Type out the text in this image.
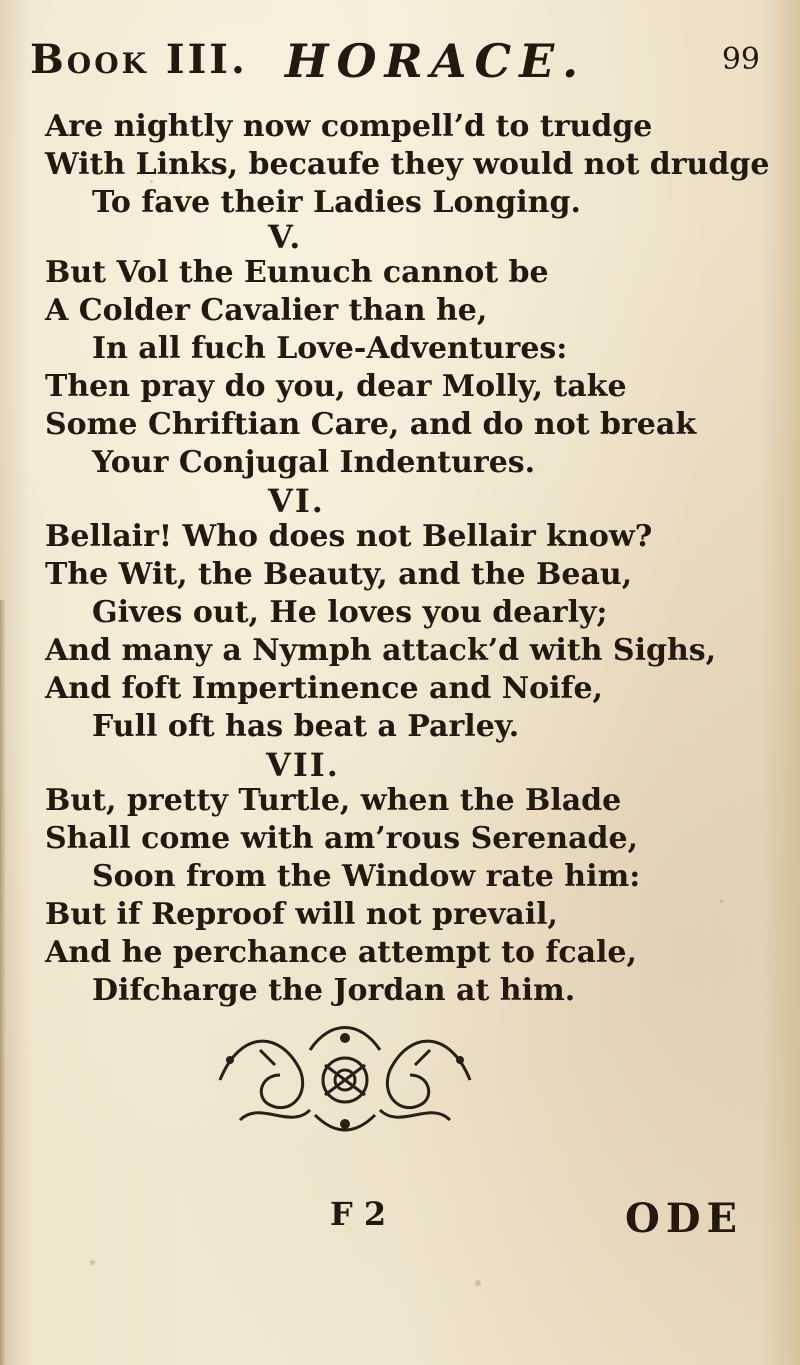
Book III. HORACE.	99
Are nightly now compell’d to trudge
With Links, becaufe they would not drudge
To fave their Ladies Longing.
V.
But Vol the Eunuch cannot be
A Colder Cavalier than he,
In all fuch Love-Adventures:
Then pray do you, dear Molly, take
Some Chriftian Care, and do not break
Your Conjugal Indentures.
VI.
Bellair! Who does not Bellair know?
The Wit, the Beauty, and the Beau,
Gives out, He loves you dearly;
And many a Nymph attack’d with Sighs,
And foft Impertinence and Noife,
Full oft has beat a Parley.
VII.
But, pretty Turtle, when the Blade
Shall come with am’rous Serenade,
Soon from the Window rate him:
But if Reproof will not prevail,
And he perchance attempt to fcale,
Difcharge the Jordan at him.
F 2	ODE
